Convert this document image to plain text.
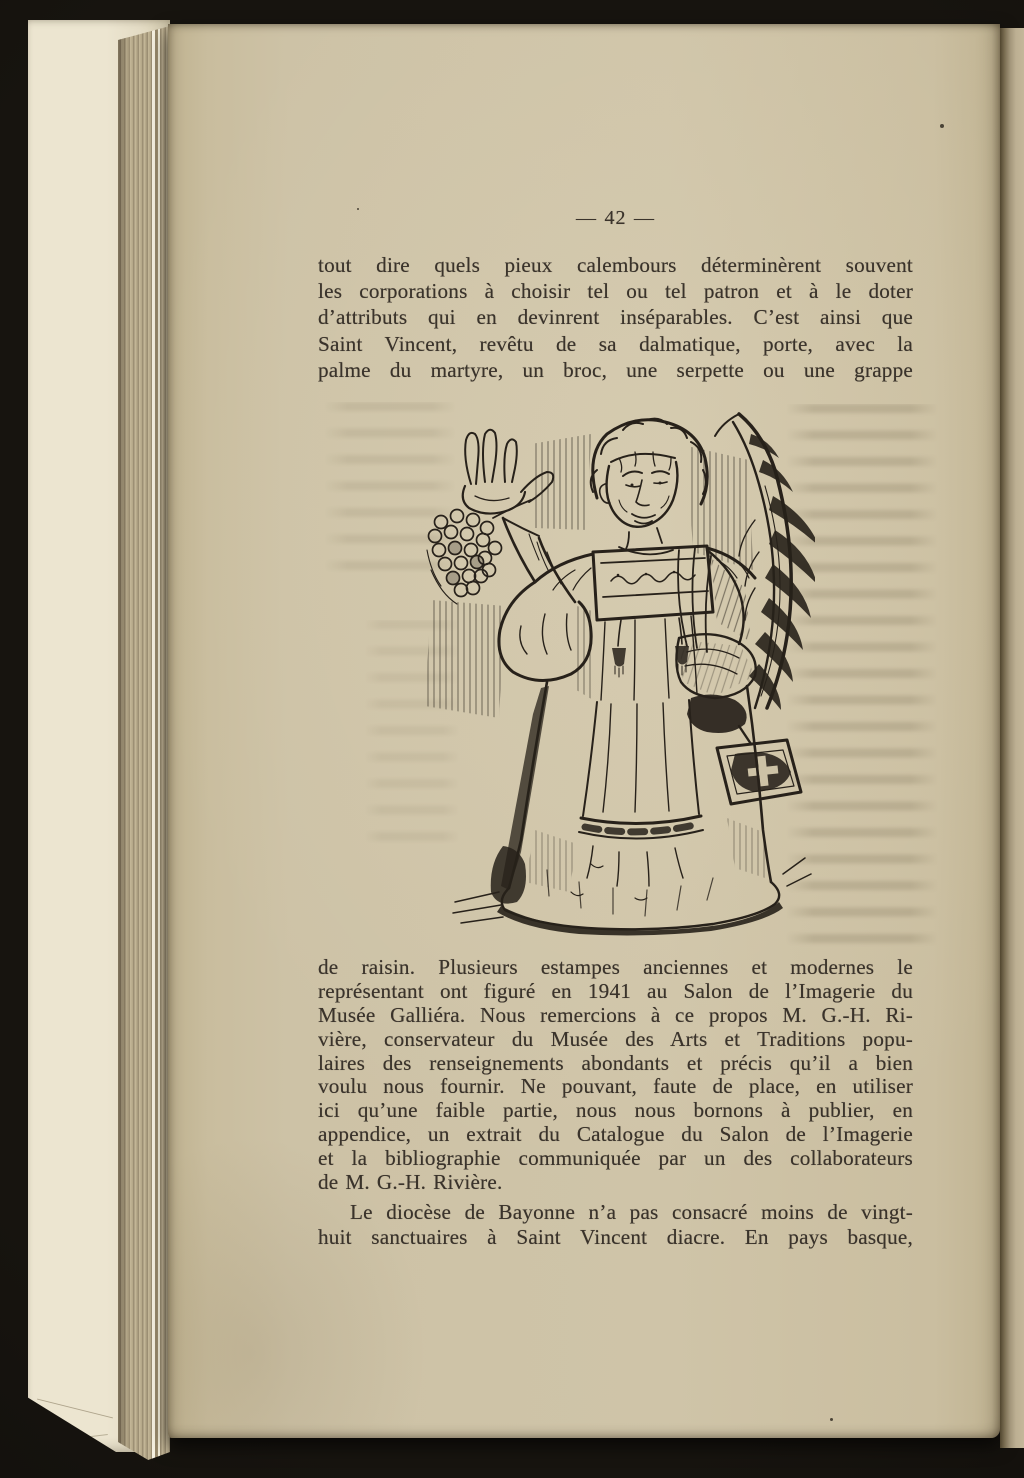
— 42 —
tout dire quels pieux calembours déterminèrent souvent
les corporations à choisir tel ou tel patron et à le doter
d’attributs qui en devinrent inséparables. C’est ainsi que
Saint Vincent, revêtu de sa dalmatique, porte, avec la
palme du martyre, un broc, une serpette ou une grappe
de raisin. Plusieurs estampes anciennes et modernes le
représentant ont figuré en 1941 au Salon de l’Imagerie du
Musée Galliéra. Nous remercions à ce propos M. G.-H. Ri-
vière, conservateur du Musée des Arts et Traditions popu-
laires des renseignements abondants et précis qu’il a bien
voulu nous fournir. Ne pouvant, faute de place, en utiliser
ici qu’une faible partie, nous nous bornons à publier, en
appendice, un extrait du Catalogue du Salon de l’Imagerie
et la bibliographie communiquée par un des collaborateurs
de M. G.-H. Rivière.
Le diocèse de Bayonne n’a pas consacré moins de vingt-
huit sanctuaires à Saint Vincent diacre. En pays basque,
